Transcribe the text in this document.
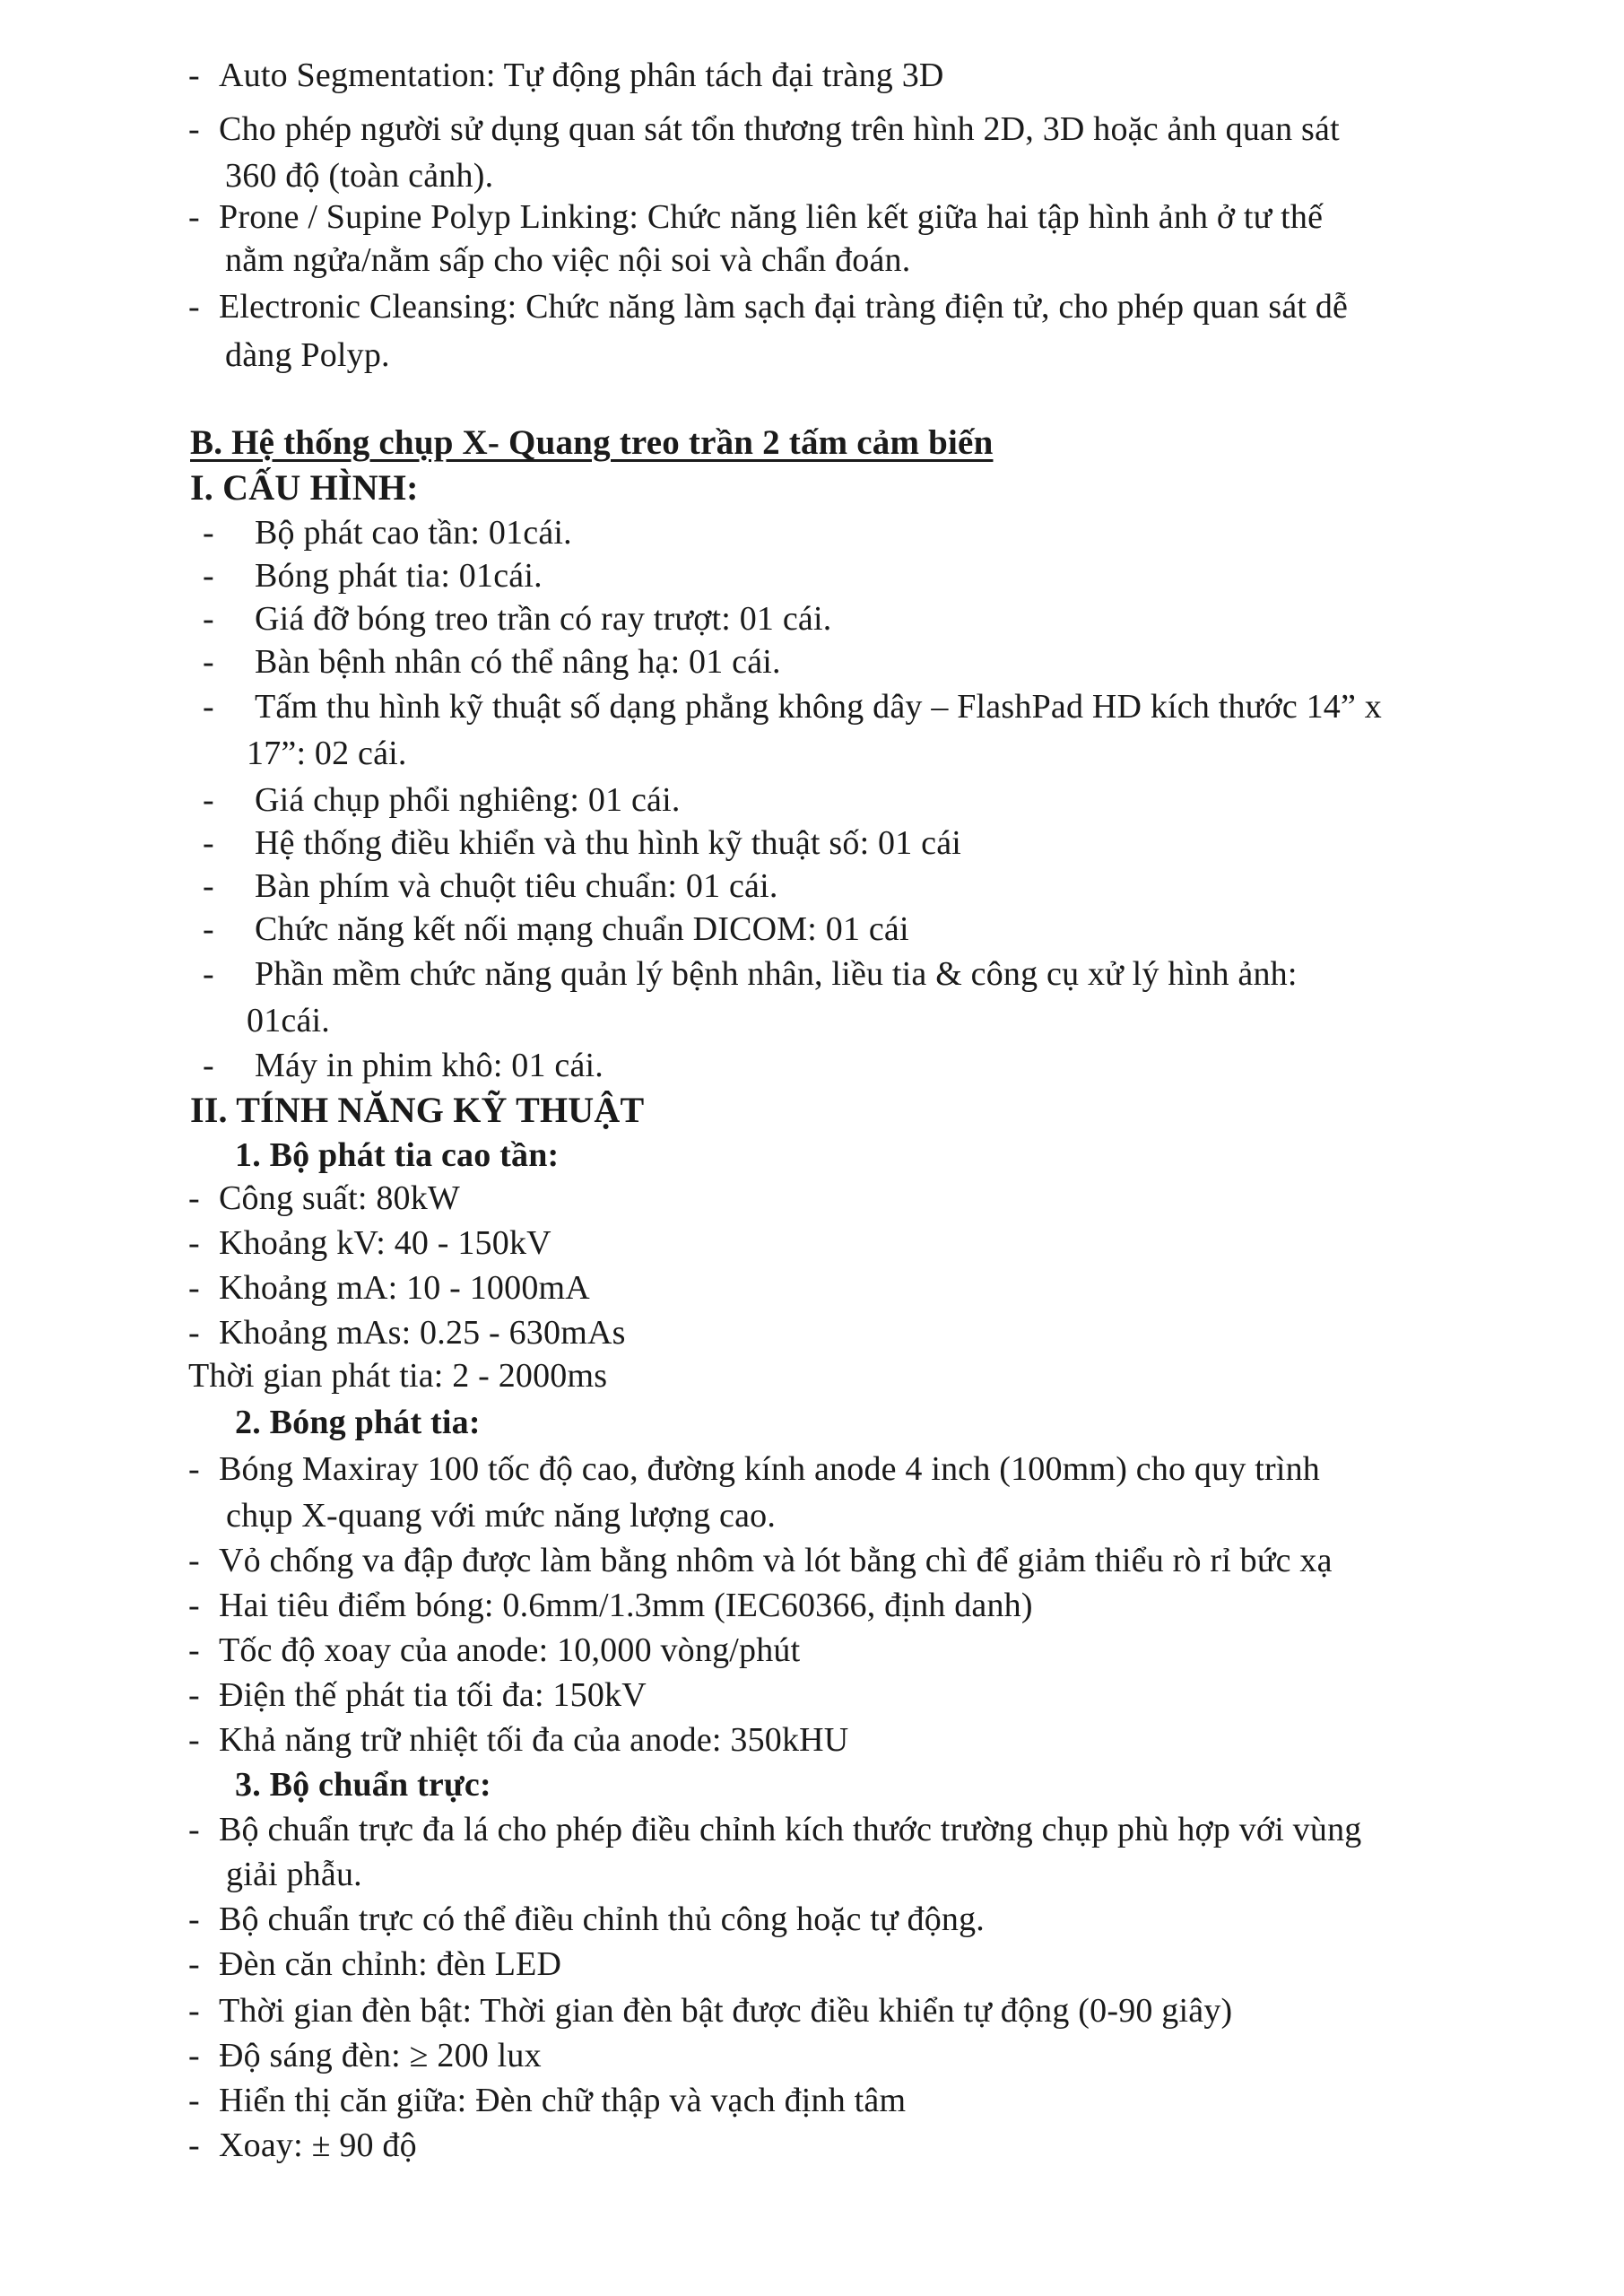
- Auto Segmentation: Tự động phân tách đại tràng 3D
- Cho phép người sử dụng quan sát tổn thương trên hình 2D, 3D hoặc ảnh quan sát
360 độ (toàn cảnh).
- Prone / Supine Polyp Linking: Chức năng liên kết giữa hai tập hình ảnh ở tư thế
nằm ngửa/nằm sấp cho việc nội soi và chẩn đoán.
- Electronic Cleansing: Chức năng làm sạch đại tràng điện tử, cho phép quan sát dễ
dàng Polyp.
B. Hệ thống chụp X- Quang treo trần 2 tấm cảm biến
I. CẤU HÌNH:
- Bộ phát cao tần: 01cái.
- Bóng phát tia: 01cái.
- Giá đỡ bóng treo trần có ray trượt: 01 cái.
- Bàn bệnh nhân có thể nâng hạ: 01 cái.
- Tấm thu hình kỹ thuật số dạng phẳng không dây – FlashPad HD kích thước 14” x
17”: 02 cái.
- Giá chụp phổi nghiêng: 01 cái.
- Hệ thống điều khiển và thu hình kỹ thuật số: 01 cái
- Bàn phím và chuột tiêu chuẩn: 01 cái.
- Chức năng kết nối mạng chuẩn DICOM: 01 cái
- Phần mềm chức năng quản lý bệnh nhân, liều tia & công cụ xử lý hình ảnh:
01cái.
- Máy in phim khô: 01 cái.
II. TÍNH NĂNG KỸ THUẬT
1. Bộ phát tia cao tần:
- Công suất: 80kW
- Khoảng kV: 40 - 150kV
- Khoảng mA: 10 - 1000mA
- Khoảng mAs: 0.25 - 630mAs
Thời gian phát tia: 2 - 2000ms
2. Bóng phát tia:
- Bóng Maxiray 100 tốc độ cao, đường kính anode 4 inch (100mm) cho quy trình
chụp X-quang với mức năng lượng cao.
- Vỏ chống va đập được làm bằng nhôm và lót bằng chì để giảm thiểu rò rỉ bức xạ
- Hai tiêu điểm bóng: 0.6mm/1.3mm (IEC60366, định danh)
- Tốc độ xoay của anode: 10,000 vòng/phút
- Điện thế phát tia tối đa: 150kV
- Khả năng trữ nhiệt tối đa của anode: 350kHU
3. Bộ chuẩn trực:
- Bộ chuẩn trực đa lá cho phép điều chỉnh kích thước trường chụp phù hợp với vùng
giải phẫu.
- Bộ chuẩn trực có thể điều chỉnh thủ công hoặc tự động.
- Đèn căn chỉnh: đèn LED
- Thời gian đèn bật: Thời gian đèn bật được điều khiển tự động (0-90 giây)
- Độ sáng đèn: ≥ 200 lux
- Hiển thị căn giữa: Đèn chữ thập và vạch định tâm
- Xoay: ± 90 độ
